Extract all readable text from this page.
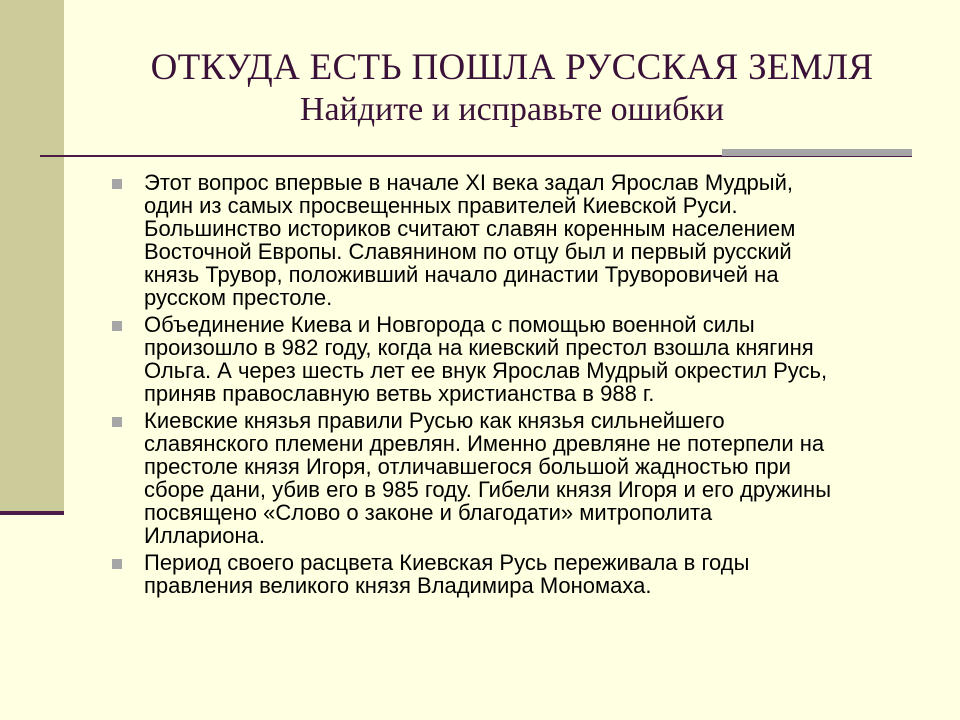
ОТКУДА ЕСТЬ ПОШЛА РУССКАЯ ЗЕМЛЯ
Найдите и исправьте ошибки
Этот вопрос впервые в начале XI века задал Ярослав Мудрый,
один из самых просвещенных правителей Киевской Руси.
Большинство историков считают славян коренным населением
Восточной Европы. Славянином по отцу был и первый русский
князь Трувор, положивший начало династии Труворовичей на
русском престоле.
Объединение Киева и Новгорода с помощью военной силы
произошло в 982 году, когда на киевский престол взошла княгиня
Ольга. А через шесть лет ее внук Ярослав Мудрый окрестил Русь,
приняв православную ветвь христианства в 988 г.
Киевские князья правили Русью как князья сильнейшего
славянского племени древлян. Именно древляне не потерпели на
престоле князя Игоря, отличавшегося большой жадностью при
сборе дани, убив его в 985 году. Гибели князя Игоря и его дружины
посвящено «Слово о законе и благодати» митрополита
Иллариона.
Период своего расцвета Киевская Русь переживала в годы
правления великого князя Владимира Мономаха.
